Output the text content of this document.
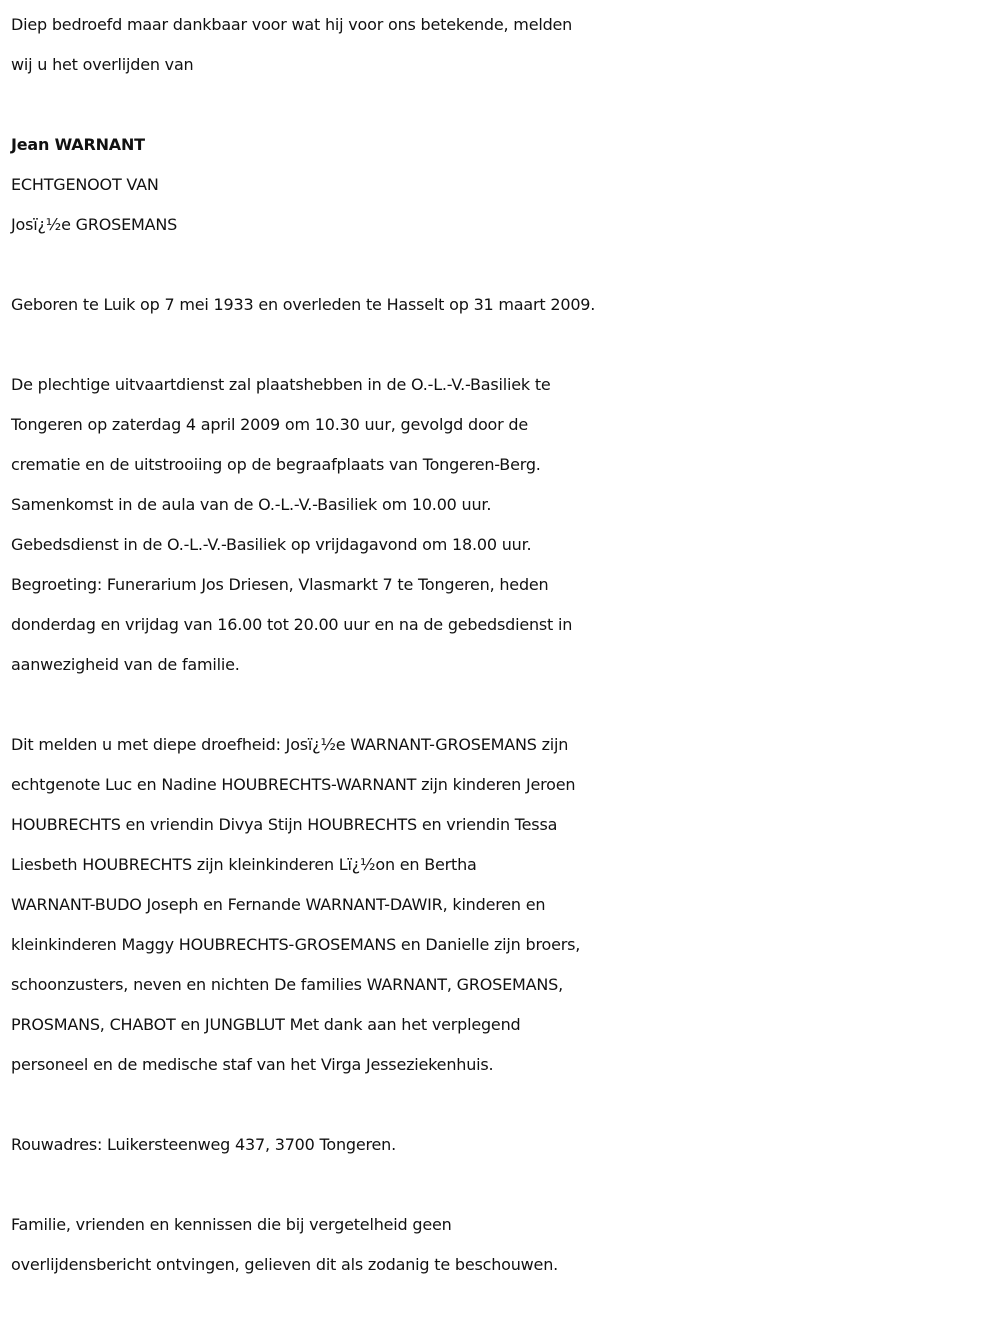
Diep bedroefd maar dankbaar voor wat hij voor ons betekende, melden
wij u het overlijden van
Jean WARNANT
ECHTGENOOT VAN
Josï¿½e GROSEMANS
Geboren te Luik op 7 mei 1933 en overleden te Hasselt op 31 maart 2009.
De plechtige uitvaartdienst zal plaatshebben in de O.-L.-V.-Basiliek te
Tongeren op zaterdag 4 april 2009 om 10.30 uur, gevolgd door de
crematie en de uitstrooiing op de begraafplaats van Tongeren-Berg.
Samenkomst in de aula van de O.-L.-V.-Basiliek om 10.00 uur.
Gebedsdienst in de O.-L.-V.-Basiliek op vrijdagavond om 18.00 uur.
Begroeting: Funerarium Jos Driesen, Vlasmarkt 7 te Tongeren, heden
donderdag en vrijdag van 16.00 tot 20.00 uur en na de gebedsdienst in
aanwezigheid van de familie.
Dit melden u met diepe droefheid: Josï¿½e WARNANT-GROSEMANS zijn
echtgenote Luc en Nadine HOUBRECHTS-WARNANT zijn kinderen Jeroen
HOUBRECHTS en vriendin Divya Stijn HOUBRECHTS en vriendin Tessa
Liesbeth HOUBRECHTS zijn kleinkinderen Lï¿½on en Bertha
WARNANT-BUDO Joseph en Fernande WARNANT-DAWIR, kinderen en
kleinkinderen Maggy HOUBRECHTS-GROSEMANS en Danielle zijn broers,
schoonzusters, neven en nichten De families WARNANT, GROSEMANS,
PROSMANS, CHABOT en JUNGBLUT Met dank aan het verplegend
personeel en de medische staf van het Virga Jesseziekenhuis.
Rouwadres: Luikersteenweg 437, 3700 Tongeren.
Familie, vrienden en kennissen die bij vergetelheid geen
overlijdensbericht ontvingen, gelieven dit als zodanig te beschouwen.
